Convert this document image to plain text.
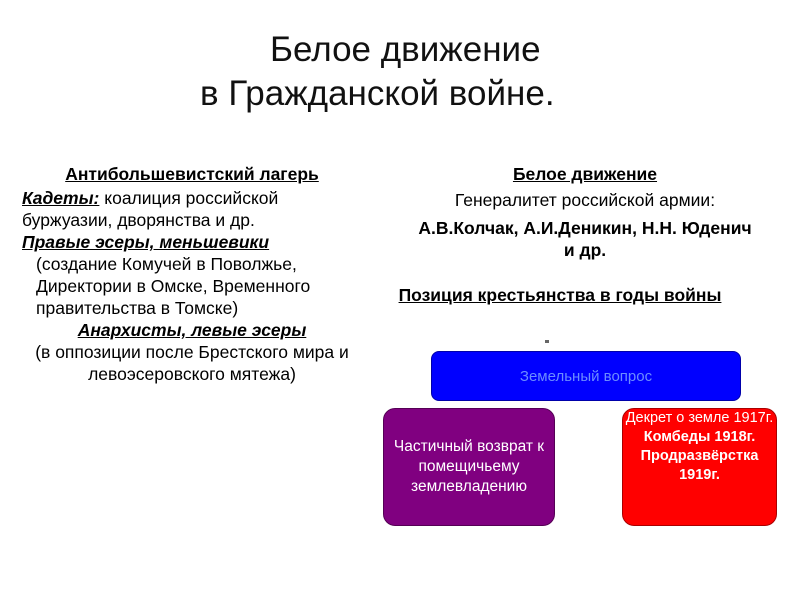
Белое движение
в Гражданской войне.
Антибольшевистский лагерь
Кадеты: коалиция российской буржуазии, дворянства и др.
Правые эсеры, меньшевики
(создание Комучей в Поволжье, Директории в Омске, Временного правительства в Томске)
Анархисты, левые эсеры
(в оппозиции после Брестского мира и левоэсеровского мятежа)
Белое движение
Генералитет российской армии:
А.В.Колчак, А.И.Деникин, Н.Н. Юденич и др.
Позиция крестьянства в годы войны
Земельный вопрос
Частичный возврат к помещичьему землевладению
Декрет о земле 1917г.
Комбеды 1918г.
Продразвёрстка
1919г.
